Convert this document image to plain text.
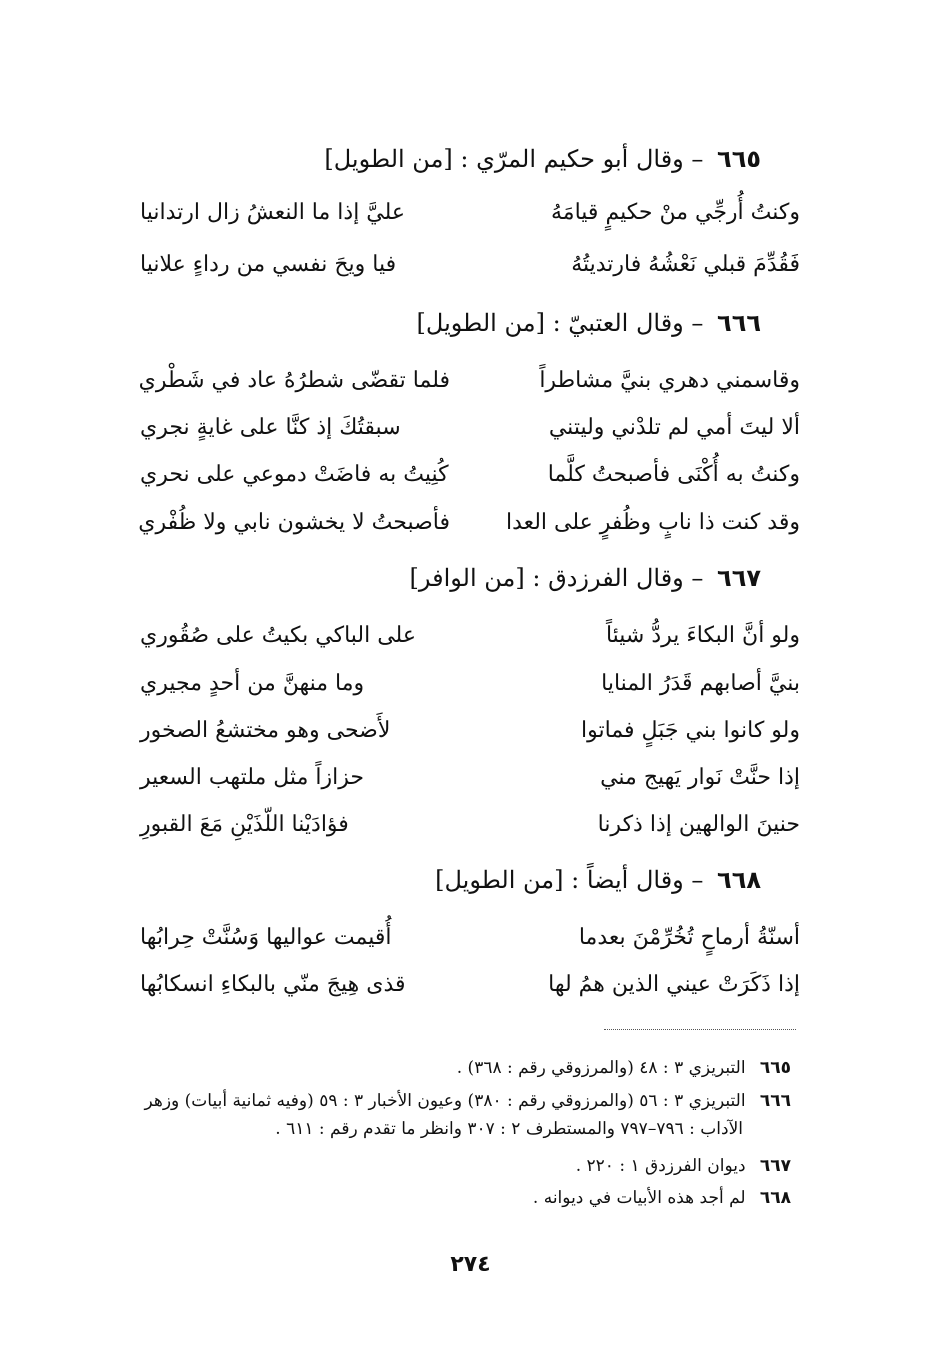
٦٦٥ – وقال أبو حكيم المرّي : [من الطويل]
وكنتُ أُرجِّي منْ حكيمٍ قيامَهُ
عليَّ إذا ما النعشُ زال ارتدانيا
فَقُدِّمَ قبلي نَعْشُهُ فارتديتُهُ
فيا ويحَ نفسي من رداءٍ علانيا
٦٦٦ – وقال العتبيّ : [من الطويل]
وقاسمني دهري بنيَّ مشاطراً
فلما تقضّى شطرُهُ عاد في شَطْري
ألا ليتَ أمي لم تلدْني وليتني
سبقتُكَ إذ كنَّا على غايةٍ نجري
وكنتُ به أُكْنَى فأصبحتُ كلَّما
كُنِيتُ به فاضَتْ دموعي على نحري
وقد كنت ذا نابٍ وظُفرٍ على العدا
فأصبحتُ لا يخشون نابي ولا ظُفْري
٦٦٧ – وقال الفرزدق : [من الوافر]
ولو أنَّ البكاءَ يردُّ شيئاً
على الباكي بكيتُ على صُقُوري
بنيَّ أصابهم قَدَرُ المنايا
وما منهنَّ من أحدٍ مجيري
ولو كانوا بني جَبَلٍ فماتوا
لأَضحى وهو مختشعُ الصخور
إذا حنَّتْ نَوار يَهيج مني
حزازاً مثل ملتهب السعير
حنينَ الوالهين إذا ذكرنا
فؤادَيْنا اللّذَيْنِ مَعَ القبورِ
٦٦٨ – وقال أيضاً : [من الطويل]
أسنّةُ أرماحٍ تُخُرِّمْنَ بعدما
أُقيمت عواليها وَسُنَّتْ حِرابُها
إذا ذَكَرَتْ عيني الذين همُ لها
قذى هِيجَ منّي بالبكاءِ انسكابُها
٦٦٥ التبريزي ٣ : ٤٨ (والمرزوقي رقم : ٣٦٨) .
٦٦٦ التبريزي ٣ : ٥٦ (والمرزوقي رقم : ٣٨٠) وعيون الأخبار ٣ : ٥٩ (وفيه ثمانية أبيات) وزهر
الآداب : ٧٩٦–٧٩٧ والمستطرف ٢ : ٣٠٧ وانظر ما تقدم رقم : ٦١١ .
٦٦٧ ديوان الفرزدق ١ : ٢٢٠ .
٦٦٨ لم أجد هذه الأبيات في ديوانه .
٢٧٤
